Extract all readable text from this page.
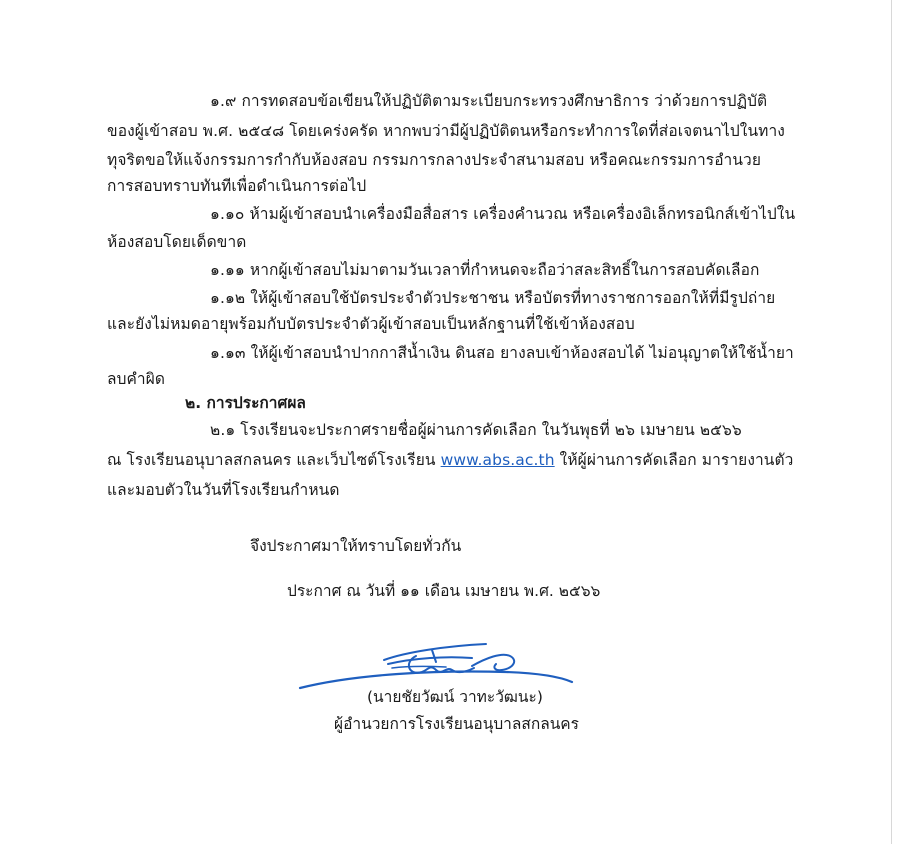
๑.๙ การทดสอบข้อเขียนให้ปฏิบัติตามระเบียบกระทรวงศึกษาธิการ ว่าด้วยการปฏิบัติ
ของผู้เข้าสอบ พ.ศ. ๒๕๔๘ โดยเคร่งครัด หากพบว่ามีผู้ปฏิบัติตนหรือกระทำการใดที่ส่อเจตนาไปในทาง
ทุจริตขอให้แจ้งกรรมการกำกับห้องสอบ กรรมการกลางประจำสนามสอบ หรือคณะกรรมการอำนวย
การสอบทราบทันทีเพื่อดำเนินการต่อไป
๑.๑๐ ห้ามผู้เข้าสอบนำเครื่องมือสื่อสาร เครื่องคำนวณ หรือเครื่องอิเล็กทรอนิกส์เข้าไปใน
ห้องสอบโดยเด็ดขาด
๑.๑๑ หากผู้เข้าสอบไม่มาตามวันเวลาที่กำหนดจะถือว่าสละสิทธิ์ในการสอบคัดเลือก
๑.๑๒ ให้ผู้เข้าสอบใช้บัตรประจำตัวประชาชน หรือบัตรที่ทางราชการออกให้ที่มีรูปถ่าย
และยังไม่หมดอายุพร้อมกับบัตรประจำตัวผู้เข้าสอบเป็นหลักฐานที่ใช้เข้าห้องสอบ
๑.๑๓ ให้ผู้เข้าสอบนำปากกาสีน้ำเงิน ดินสอ ยางลบเข้าห้องสอบได้ ไม่อนุญาตให้ใช้น้ำยา
ลบคำผิด
๒. การประกาศผล
๒.๑ โรงเรียนจะประกาศรายชื่อผู้ผ่านการคัดเลือก ในวันพุธที่ ๒๖ เมษายน ๒๕๖๖
ณ โรงเรียนอนุบาลสกลนคร และเว็บไซต์โรงเรียน www.abs.ac.th ให้ผู้ผ่านการคัดเลือก มารายงานตัว
และมอบตัวในวันที่โรงเรียนกำหนด
จึงประกาศมาให้ทราบโดยทั่วกัน
ประกาศ ณ วันที่ ๑๑ เดือน เมษายน พ.ศ. ๒๕๖๖
(นายชัยวัฒน์ วาทะวัฒนะ)
ผู้อำนวยการโรงเรียนอนุบาลสกลนคร
